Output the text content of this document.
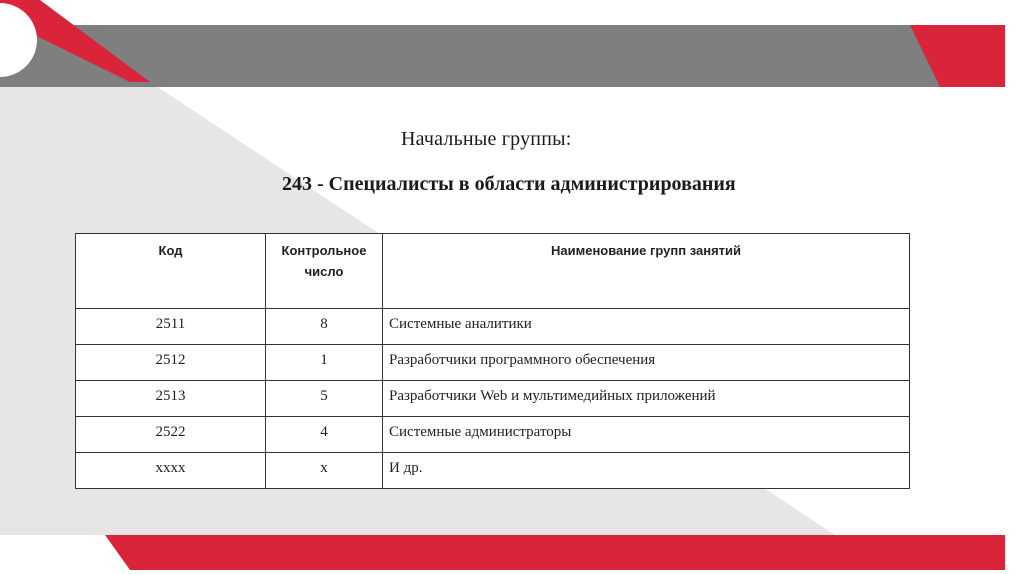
Начальные группы:
243 - Специалисты в области администрирования
Код	Контрольное число	Наименование групп занятий
2511	8	Системные аналитики
2512	1	Разработчики программного обеспечения
2513	5	Разработчики Web и мультимедийных приложений
2522	4	Системные администраторы
xxxx	x	И др.
